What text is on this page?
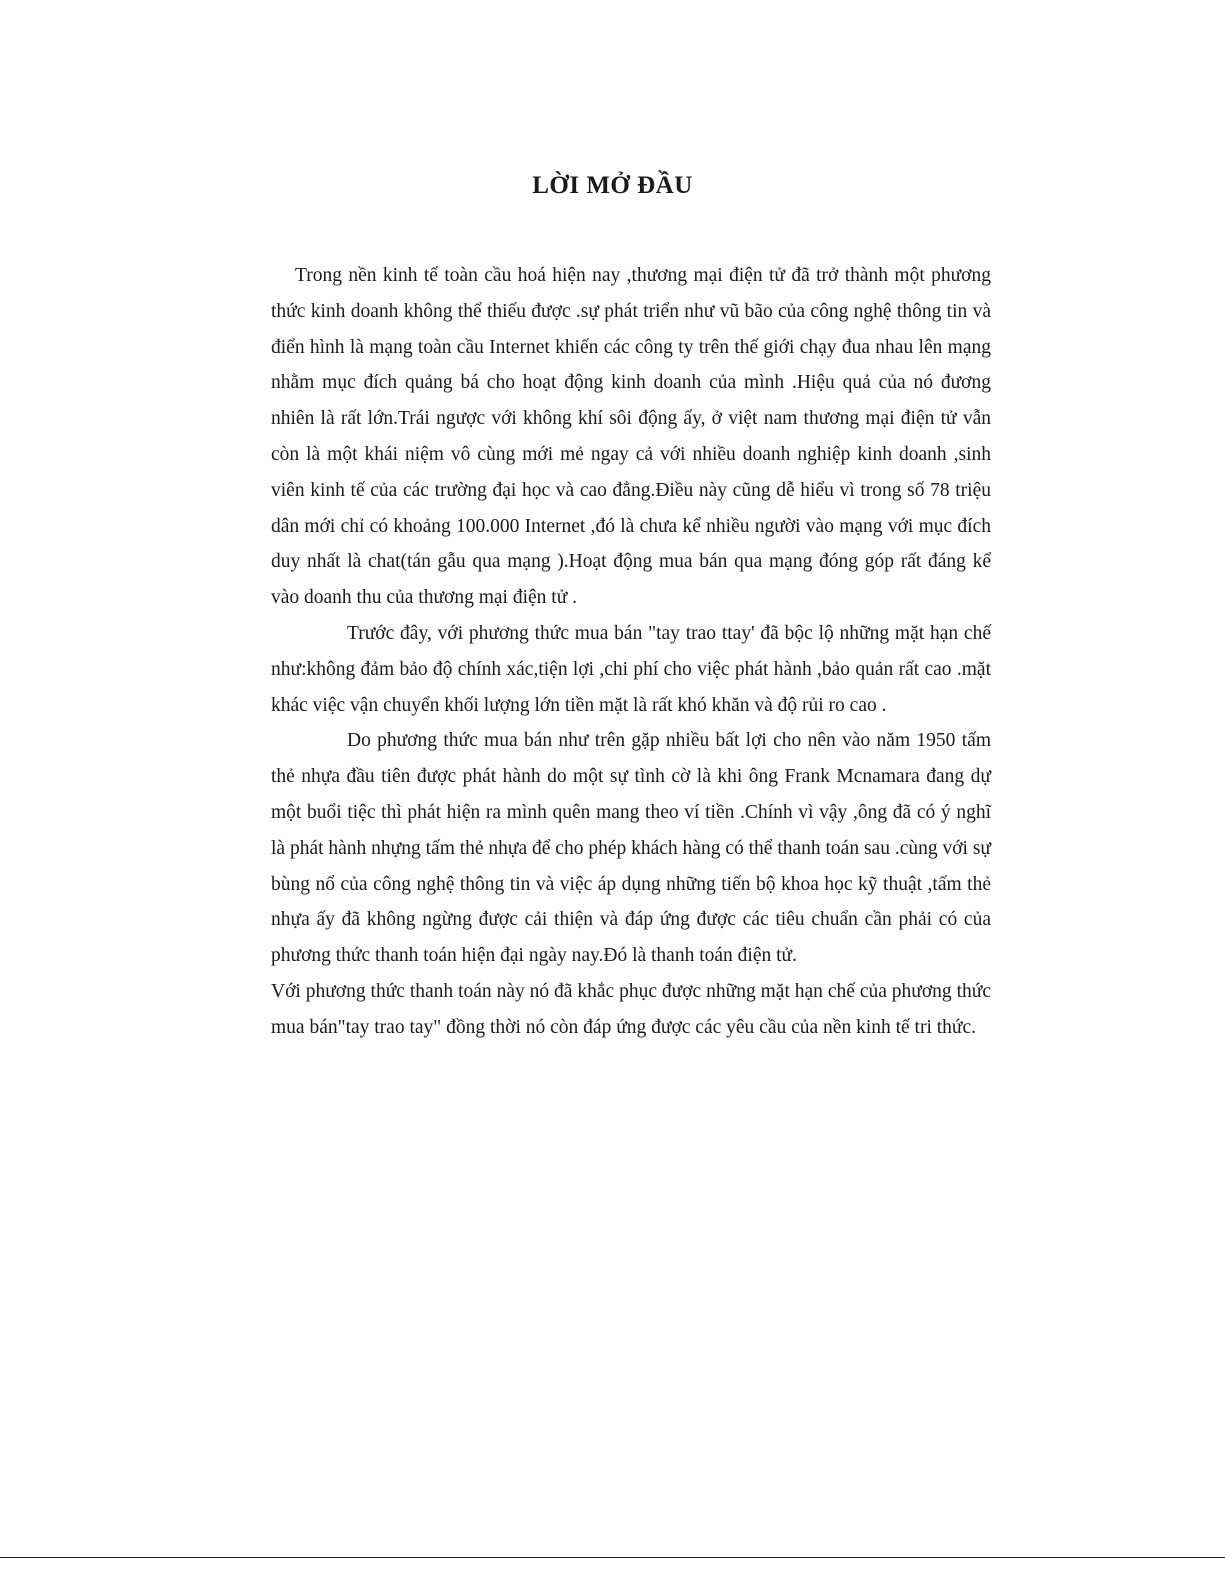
LỜI MỞ ĐẦU

Trong nền kinh tế toàn cầu hoá hiện nay ,thương mại điện tử đã trở thành một phương thức kinh doanh không thể thiếu được .sự phát triển như vũ bão của công nghệ thông tin và điển hình là mạng toàn cầu Internet khiến các công ty trên thế giới chạy đua nhau lên mạng nhằm mục đích quảng bá cho hoạt động kinh doanh của mình .Hiệu quả của nó đương nhiên là rất lớn.Trái ngược với không khí sôi động ấy, ở việt nam thương mại điện tử vẫn còn là một khái niệm vô cùng mới mẻ ngay cả với nhiều doanh nghiệp kinh doanh ,sinh viên kinh tế của các trường đại học và cao đẳng.Điều này cũng dễ hiểu vì trong số 78 triệu dân mới chỉ có khoảng 100.000 Internet ,đó là chưa kể nhiều người vào mạng với mục đích duy nhất là chat(tán gẫu qua mạng ).Hoạt động mua bán qua mạng đóng góp rất đáng kể vào doanh thu của thương mại điện tử .

Trước đây, với phương thức mua bán "tay trao ttay' đã bộc lộ những mặt hạn chế như:không đảm bảo độ chính xác,tiện lợi ,chi phí cho việc phát hành ,bảo quản rất cao .mặt khác việc vận chuyển khối lượng lớn tiền mặt là rất khó khăn và độ rủi ro cao .

Do phương thức mua bán như trên gặp nhiều bất lợi cho nên vào năm 1950 tấm thẻ nhựa đầu tiên được phát hành do một sự tình cờ là khi ông Frank Mcnamara đang dự một buổi tiệc thì phát hiện ra mình quên mang theo ví tiền .Chính vì vậy ,ông đã có ý nghĩ là phát hành nhựng tấm thẻ nhựa để cho phép khách hàng có thể thanh toán sau .cùng với sự bùng nổ của công nghệ thông tin và việc áp dụng những tiến bộ khoa học kỹ thuật ,tấm thẻ nhựa ấy đã không ngừng được cải thiện và đáp ứng được các tiêu chuẩn cần phải có của phương thức thanh toán hiện đại ngày nay.Đó là thanh toán điện tử.

Với phương thức thanh toán này nó đã khắc phục được những mặt hạn chế của phương thức mua bán"tay trao tay" đồng thời nó còn đáp ứng được các yêu cầu của nền kinh tế tri thức.
